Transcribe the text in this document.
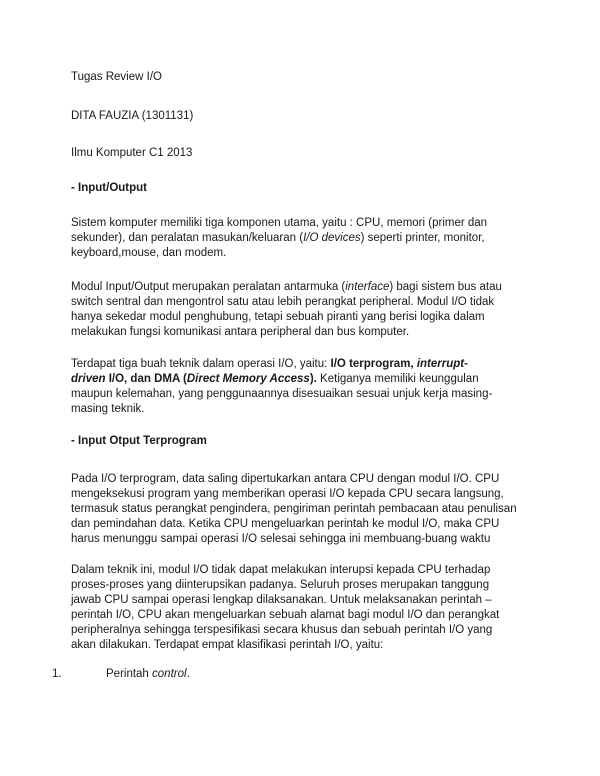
Tugas Review I/O
DITA FAUZIA (1301131)
Ilmu Komputer C1 2013
- Input/Output
Sistem komputer memiliki tiga komponen utama, yaitu : CPU, memori (primer dan
sekunder), dan peralatan masukan/keluaran (I/O devices) seperti printer, monitor,
keyboard,mouse, dan modem.
Modul Input/Output merupakan peralatan antarmuka (interface) bagi sistem bus atau
switch sentral dan mengontrol satu atau lebih perangkat peripheral. Modul I/O tidak
hanya sekedar modul penghubung, tetapi sebuah piranti yang berisi logika dalam
melakukan fungsi komunikasi antara peripheral dan bus komputer.
Terdapat tiga buah teknik dalam operasi I/O, yaitu: I/O terprogram, interrupt-
driven I/O, dan DMA (Direct Memory Access). Ketiganya memiliki keunggulan
maupun kelemahan, yang penggunaannya disesuaikan sesuai unjuk kerja masing-
masing teknik.
- Input Otput Terprogram
Pada I/O terprogram, data saling dipertukarkan antara CPU dengan modul I/O. CPU
mengeksekusi program yang memberikan operasi I/O kepada CPU secara langsung,
termasuk status perangkat pengindera, pengiriman perintah pembacaan atau penulisan
dan pemindahan data. Ketika CPU mengeluarkan perintah ke modul I/O, maka CPU
harus menunggu sampai operasi I/O selesai sehingga ini membuang-buang waktu
Dalam teknik ini, modul I/O tidak dapat melakukan interupsi kepada CPU terhadap
proses-proses yang diinterupsikan padanya. Seluruh proses merupakan tanggung
jawab CPU sampai operasi lengkap dilaksanakan. Untuk melaksanakan perintah –
perintah I/O, CPU akan mengeluarkan sebuah alamat bagi modul I/O dan perangkat
peripheralnya sehingga terspesifikasi secara khusus dan sebuah perintah I/O yang
akan dilakukan. Terdapat empat klasifikasi perintah I/O, yaitu:
1.	Perintah control.
